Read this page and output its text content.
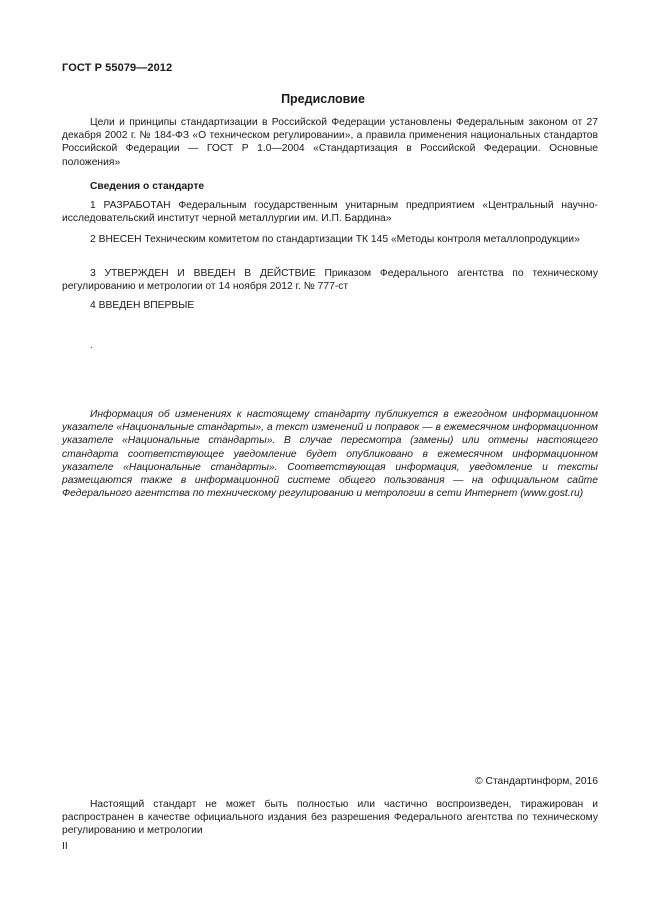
ГОСТ Р 55079—2012
Предисловие

Цели и принципы стандартизации в Российской Федерации установлены Федеральным законом от 27 декабря 2002 г. № 184-ФЗ «О техническом регулировании», а правила применения национальных стандартов Российской Федерации — ГОСТ Р 1.0—2004 «Стандартизация в Российской Федерации. Основные положения»

Сведения о стандарте

1 РАЗРАБОТАН Федеральным государственным унитарным предприятием «Центральный научно-исследовательский институт черной металлургии им. И.П. Бардина»

2 ВНЕСЕН Техническим комитетом по стандартизации ТК 145 «Методы контроля металлопродукции»

3 УТВЕРЖДЕН И ВВЕДЕН В ДЕЙСТВИЕ Приказом Федерального агентства по техническому регулированию и метрологии от 14 ноября 2012 г. № 777-ст

4 ВВЕДЕН ВПЕРВЫЕ

.

Информация об изменениях к настоящему стандарту публикуется в ежегодном информационном указателе «Национальные стандарты», а текст изменений и поправок — в ежемесячном информационном указателе «Национальные стандарты». В случае пересмотра (замены) или отмены настоящего стандарта соответствующее уведомление будет опубликовано в ежемесячном информационном указателе «Национальные стандарты». Соответствующая информация, уведомление и тексты размещаются также в информационной системе общего пользования — на официальном сайте Федерального агентства по техническому регулированию и метрологии в сети Интернет (www.gost.ru)

© Стандартинформ, 2016

Настоящий стандарт не может быть полностью или частично воспроизведен, тиражирован и распространен в качестве официального издания без разрешения Федерального агентства по техническому регулированию и метрологии

II
